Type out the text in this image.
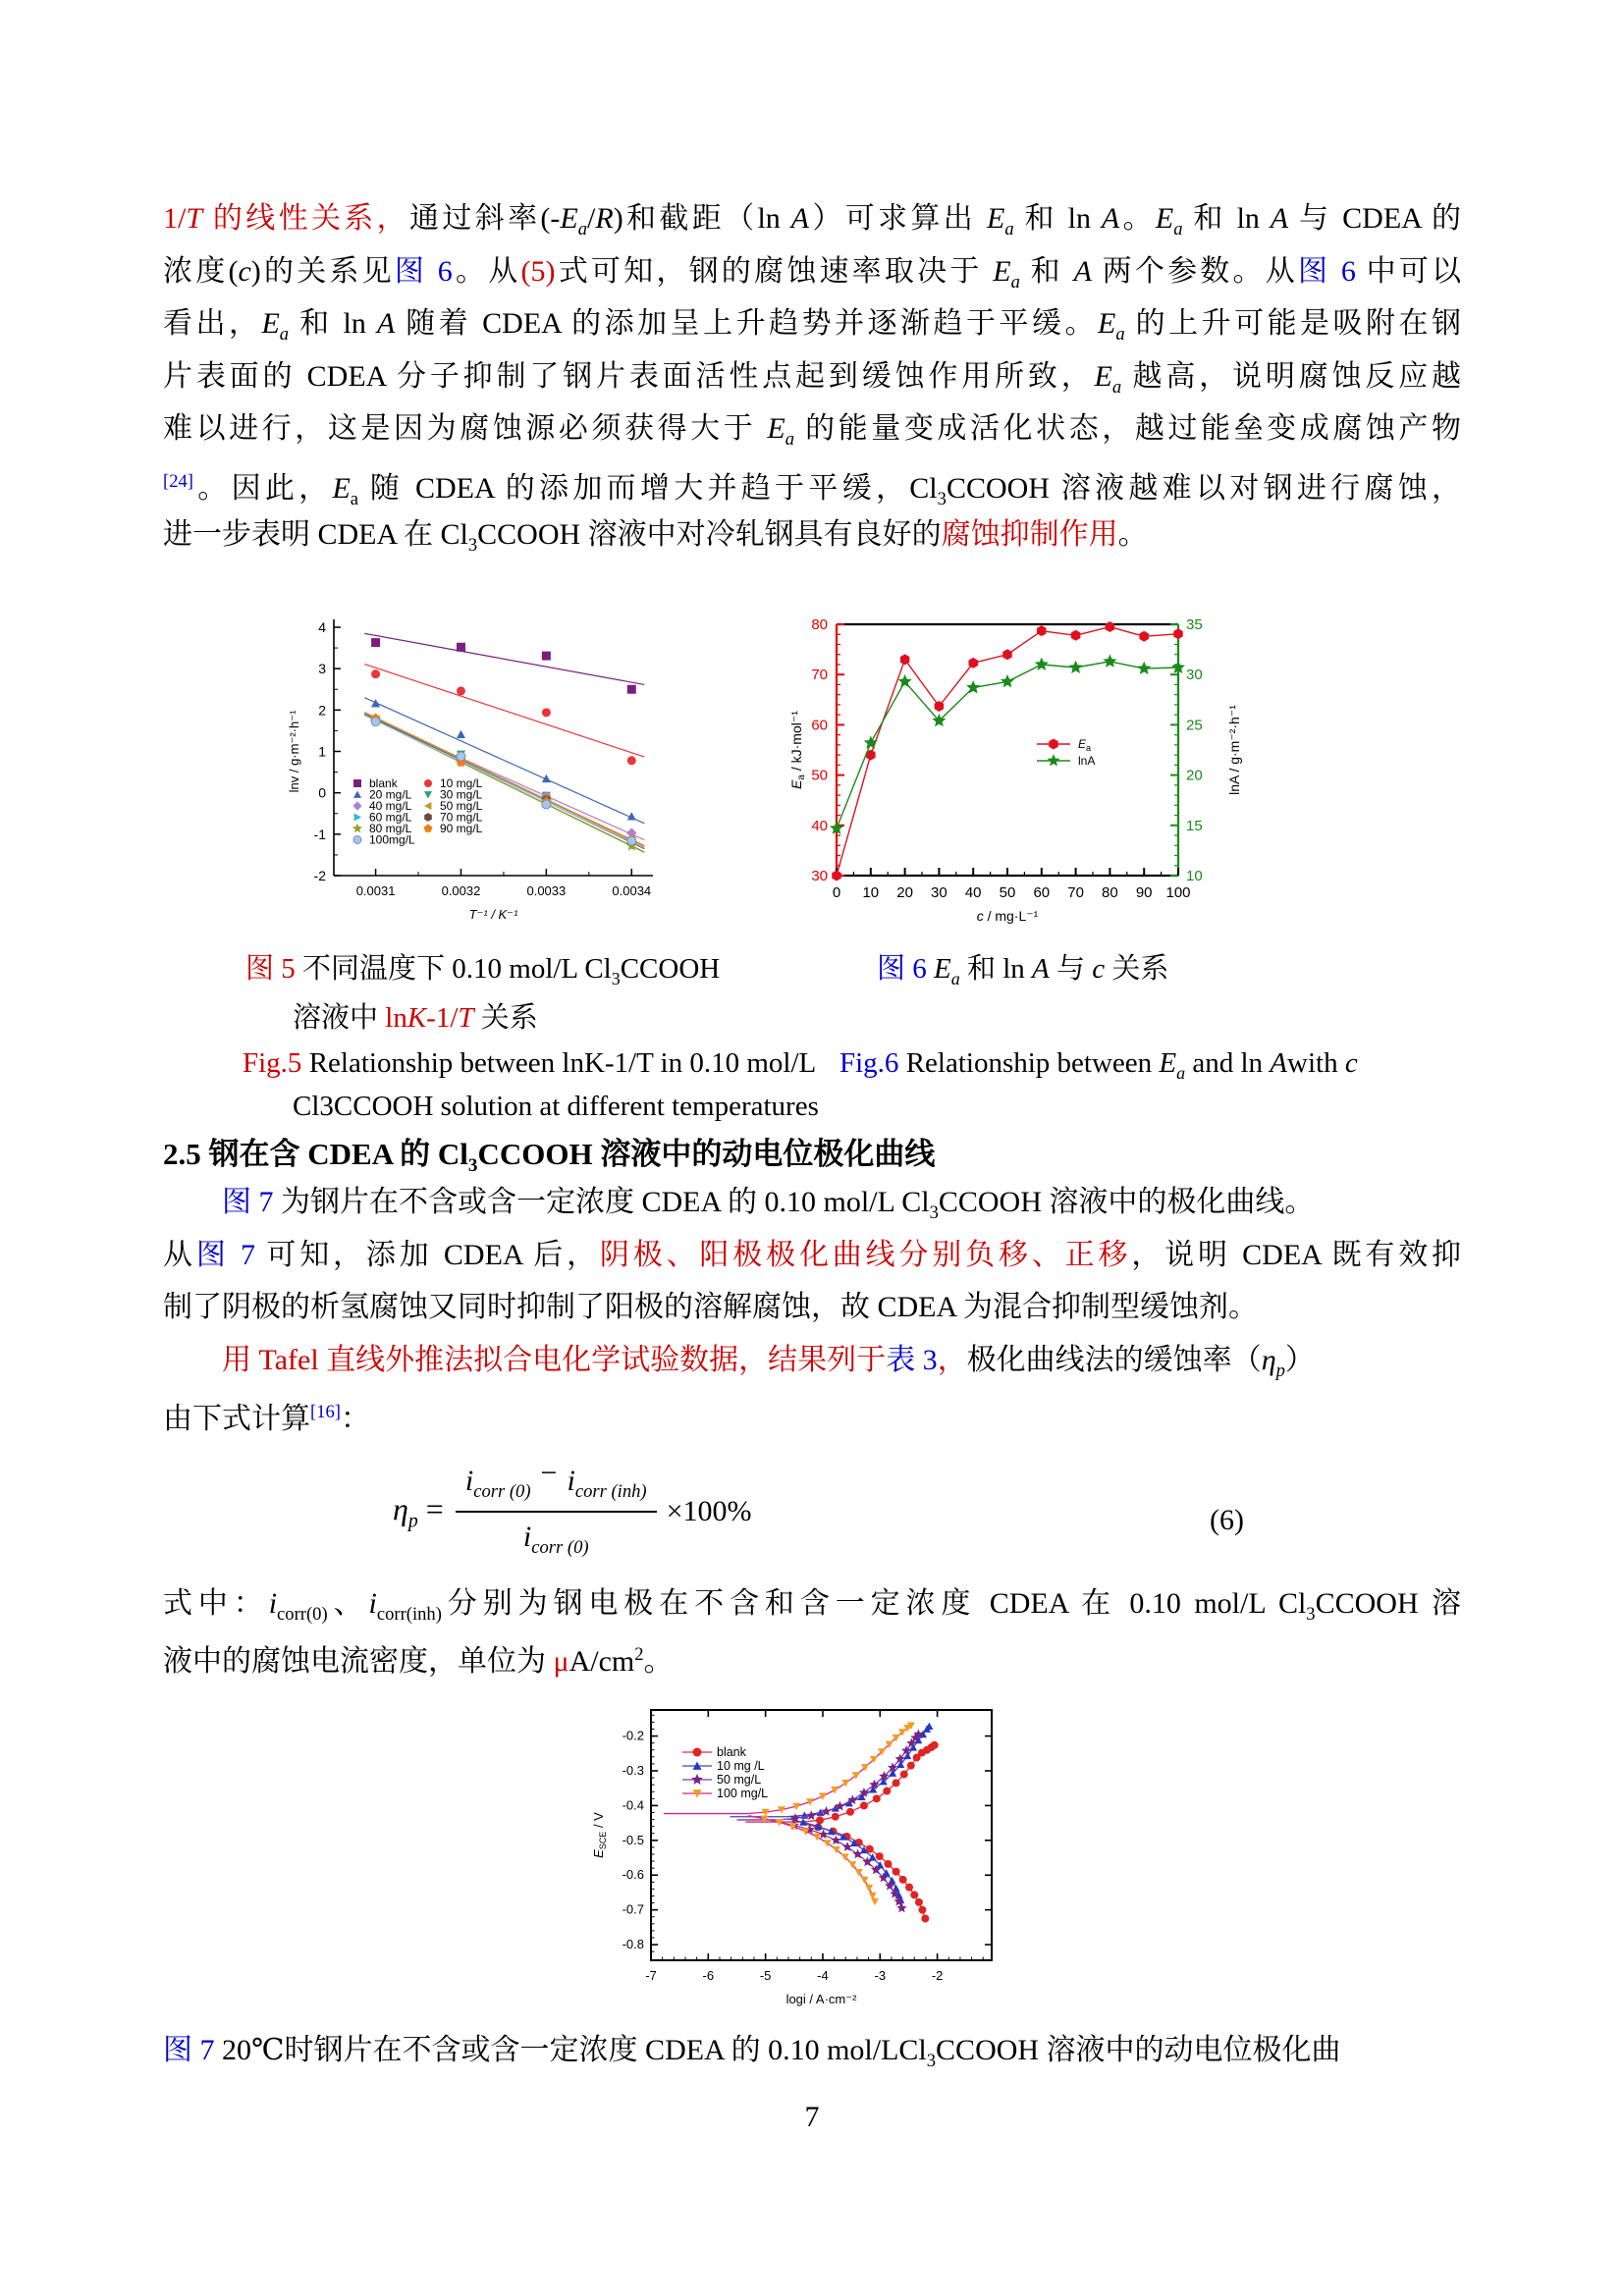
1/T 的线性关系，通过斜率$(-E_a/R)$和截距（ln A）可求算出 $E_a$ 和 ln A。$E_a$ 和 ln A 与 CDEA 的
浓度(c)的关系见图 6。从(5)式可知，钢的腐蚀速率取决于 $E_a$ 和 A 两个参数。从图 6 中可以
看出，$E_a$ 和 ln A 随着 CDEA 的添加呈上升趋势并逐渐趋于平缓。$E_a$ 的上升可能是吸附在钢
片表面的 CDEA 分子抑制了钢片表面活性点起到缓蚀作用所致，$E_a$ 越高，说明腐蚀反应越
难以进行，这是因为腐蚀源必须获得大于 $E_a$ 的能量变成活化状态，越过能垒变成腐蚀产物
[24]。因此，$E_a$ 随 CDEA 的添加而增大并趋于平缓，$Cl_3CCOOH$ 溶液越难以对钢进行腐蚀，
进一步表明 CDEA 在 $Cl_3CCOOH$ 溶液中对冷轧钢具有良好的腐蚀抑制作用。
-2
-1
0
1
2
3
4
0.0031	0.0032	0.0033	0.0034
T⁻¹ / K⁻¹
lnv / g·m⁻²·h⁻¹	blank
20 mg/L
40 mg/L
60 mg/L
80 mg/L
100mg/L
10 mg/L
30 mg/L
50 mg/L
70 mg/L
90 mg/L
30
40
50
60
70
80
10
15
20
25
30
35
0 10 20 30 40 50 60 70 80 90 100
$E_a / kJ\cdot mol^{-1}$	lnA / g·m⁻²·h⁻¹
c / mg·L⁻¹
$E_a$
lnA
图 5 不同温度下 0.10 mol/L $Cl_3CCOOH$	图 6 $E_a$ 和 ln A 与 c 关系
溶液中 lnK-1/T 关系
Fig.5 Relationship between lnK-1/T in 0.10 mol/L Fig.6 Relationship between $E_a$ and ln Awith c
Cl3CCOOH solution at different temperatures
2.5 钢在含 CDEA 的 $Cl_3CCOOH$ 溶液中的动电位极化曲线
图 7 为钢片在不含或含一定浓度 CDEA 的 0.10 mol/L $Cl_3CCOOH$ 溶液中的极化曲线。
从图 7 可知，添加 CDEA 后，阴极、阳极极化曲线分别负移、正移，说明 CDEA 既有效抑
制了阴极的析氢腐蚀又同时抑制了阳极的溶解腐蚀，故 CDEA 为混合抑制型缓蚀剂。
用 Tafel 直线外推法拟合电化学试验数据，结果列于表 3，极化曲线法的缓蚀率$(\eta_p)$
由下式计算[16]：
$\eta_p = \frac{i_{corr (0)}- i_{corr (inh)}}{i_{corr (0)}} \times 100\%$	(6)
式中：$i_{corr(0)}$、$i_{corr(inh)}$分别为钢电极在不含和含一定浓度 CDEA 在 0.10 mol/L $Cl_3CCOOH$ 溶
液中的腐蚀电流密度，单位为 $\mu A/cm^2$。
-7	-6	-5	-4	-3	-2
-0.8
-0.7
-0.6
-0.5
-0.4
-0.3
-0.2
logi / A·cm⁻²
$E_{SCE}$ / V
blank
10 mg /L
50 mg/L
100 mg/L
图 7 20℃时钢片在不含或含一定浓度 CDEA 的 0.10 mol/LCl$_3$CCOOH 溶液中的动电位极化曲
7
